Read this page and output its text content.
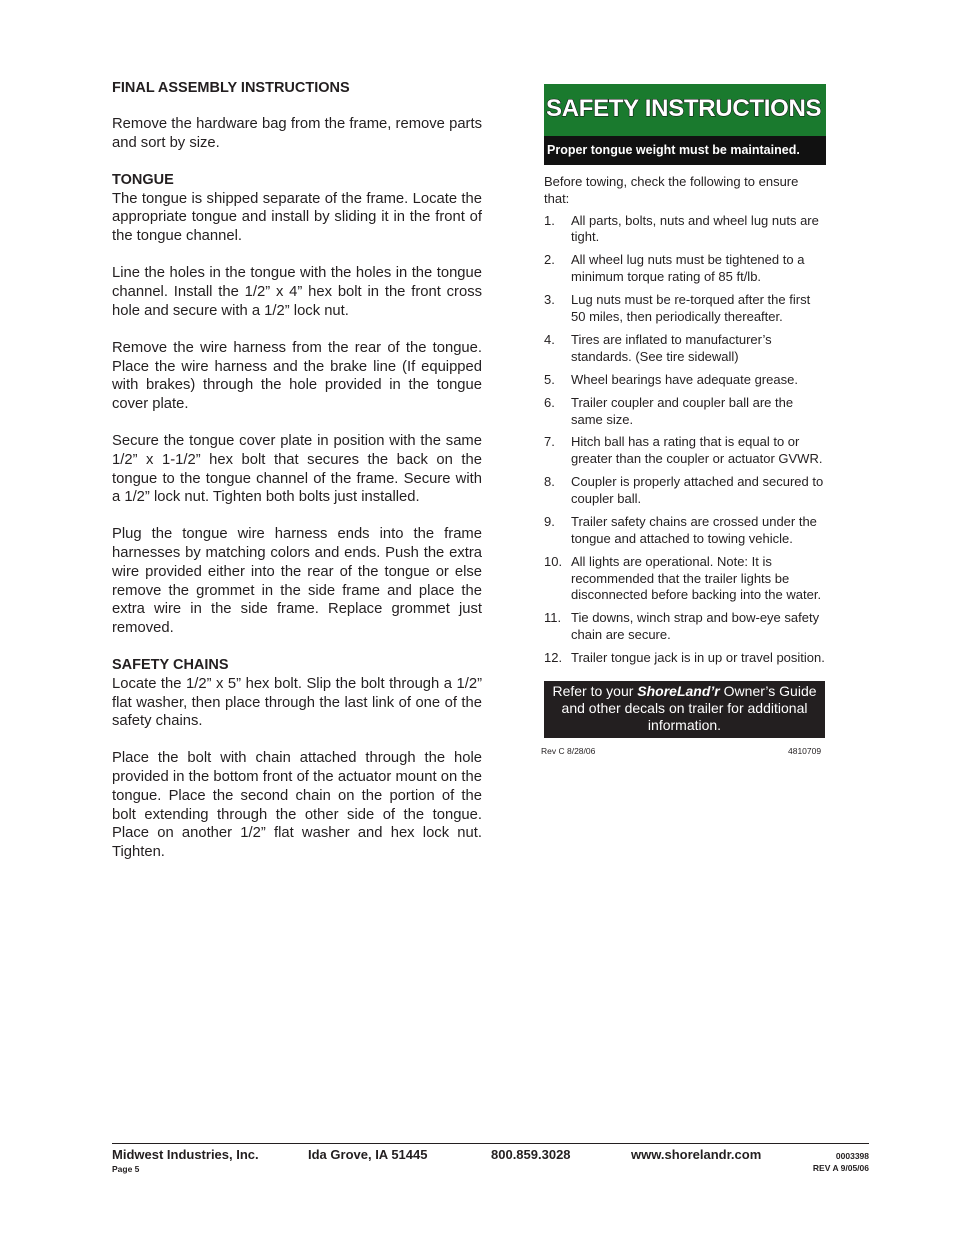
FINAL ASSEMBLY INSTRUCTIONS

Remove the hardware bag from the frame, remove parts and sort by size.

TONGUE

The tongue is shipped separate of the frame. Locate the appropriate tongue and install by sliding it in the front of the tongue channel.

Line the holes in the tongue with the holes in the tongue channel. Install the 1/2” x 4” hex bolt in the front cross hole and secure with a 1/2” lock nut.

Remove the wire harness from the rear of the tongue. Place the wire harness and the brake line (If equipped with brakes) through the hole provided in the tongue cover plate.

Secure the tongue cover plate in position with the same 1/2” x 1-1/2” hex bolt that secures the back on the tongue to the tongue channel of the frame. Secure with a 1/2” lock nut. Tighten both bolts just installed.

Plug the tongue wire harness ends into the frame harnesses by matching colors and ends. Push the extra wire provided either into the rear of the tongue or else remove the grommet in the side frame and place the extra wire in the side frame. Replace grommet just removed.

SAFETY CHAINS

Locate the 1/2” x 5” hex bolt. Slip the bolt through a 1/2” flat washer, then place through the last link of one of the safety chains.

Place the bolt with chain attached through the hole provided in the bottom front of the actuator mount on the tongue. Place the second chain on the portion of the bolt extending through the other side of the tongue. Place on another 1/2” flat washer and hex lock nut. Tighten.

SAFETY INSTRUCTIONS
Proper tongue weight must be maintained.
Before towing, check the following to ensure that:
1. All parts, bolts, nuts and wheel lug nuts are tight.
2. All wheel lug nuts must be tightened to a minimum torque rating of 85 ft/lb.
3. Lug nuts must be re-torqued after the first 50 miles, then periodically thereafter.
4. Tires are inflated to manufacturer’s standards. (See tire sidewall)
5. Wheel bearings have adequate grease.
6. Trailer coupler and coupler ball are the same size.
7. Hitch ball has a rating that is equal to or greater than the coupler or actuator GVWR.
8. Coupler is properly attached and secured to coupler ball.
9. Trailer safety chains are crossed under the tongue and attached to towing vehicle.
10. All lights are operational. Note: It is recommended that the trailer lights be disconnected before backing into the water.
11. Tie downs, winch strap and bow-eye safety chain are secure.
12. Trailer tongue jack is in up or travel position.
Refer to your ShoreLand’r Owner’s Guide and other decals on trailer for additional information.
Rev C 8/28/06	4810709
Midwest Industries, Inc.	Ida Grove, IA 51445	800.859.3028	www.shorelandr.com
Page 5
0003398
REV A 9/05/06
